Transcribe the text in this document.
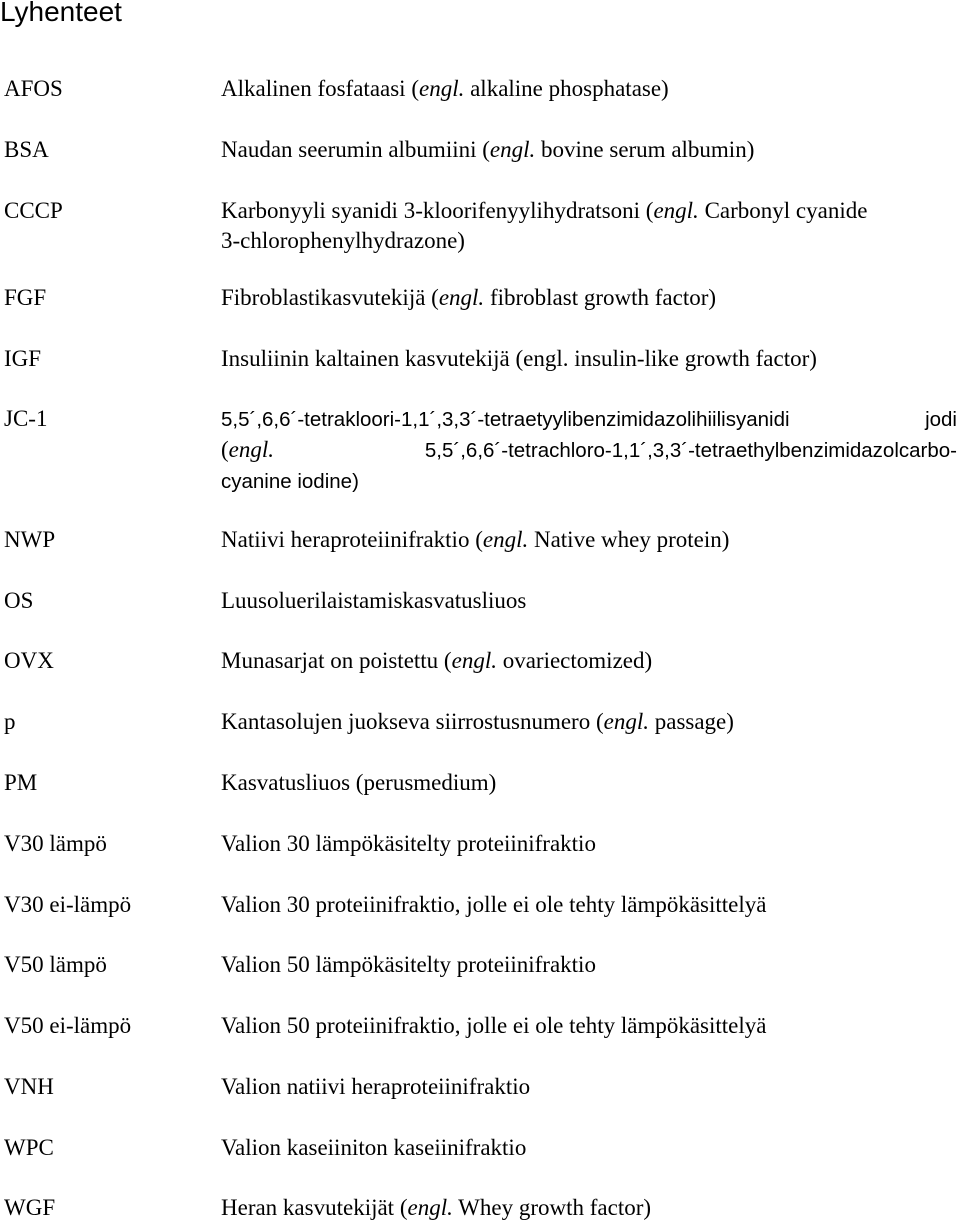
Lyhenteet
AFOS	Alkalinen fosfataasi (engl. alkaline phosphatase)
BSA	Naudan seerumin albumiini (engl. bovine serum albumin)
CCCP	Karbonyyli syanidi 3-kloorifenyylihydratsoni (engl. Carbonyl cyanide
3-chlorophenylhydrazone)
FGF	Fibroblastikasvutekijä (engl. fibroblast growth factor)
IGF	Insuliinin kaltainen kasvutekijä (engl. insulin-like growth factor)
JC-1	5,5´,6,6´-tetrakloori-1,1´,3,3´-tetraetyylibenzimidazolihiilisyanidi jodi
(engl. 5,5´,6,6´-tetrachloro-1,1´,3,3´-tetraethylbenzimidazolcarbo-
cyanine iodine)
NWP	Natiivi heraproteiinifraktio (engl. Native whey protein)
OS	Luusoluerilaistamiskasvatusliuos
OVX	Munasarjat on poistettu (engl. ovariectomized)
p	Kantasolujen juokseva siirrostusnumero (engl. passage)
PM	Kasvatusliuos (perusmedium)
V30 lämpö	Valion 30 lämpökäsitelty proteiinifraktio
V30 ei-lämpö	Valion 30 proteiinifraktio, jolle ei ole tehty lämpökäsittelyä
V50 lämpö	Valion 50 lämpökäsitelty proteiinifraktio
V50 ei-lämpö	Valion 50 proteiinifraktio, jolle ei ole tehty lämpökäsittelyä
VNH	Valion natiivi heraproteiinifraktio
WPC	Valion kaseiiniton kaseiinifraktio
WGF	Heran kasvutekijät (engl. Whey growth factor)
